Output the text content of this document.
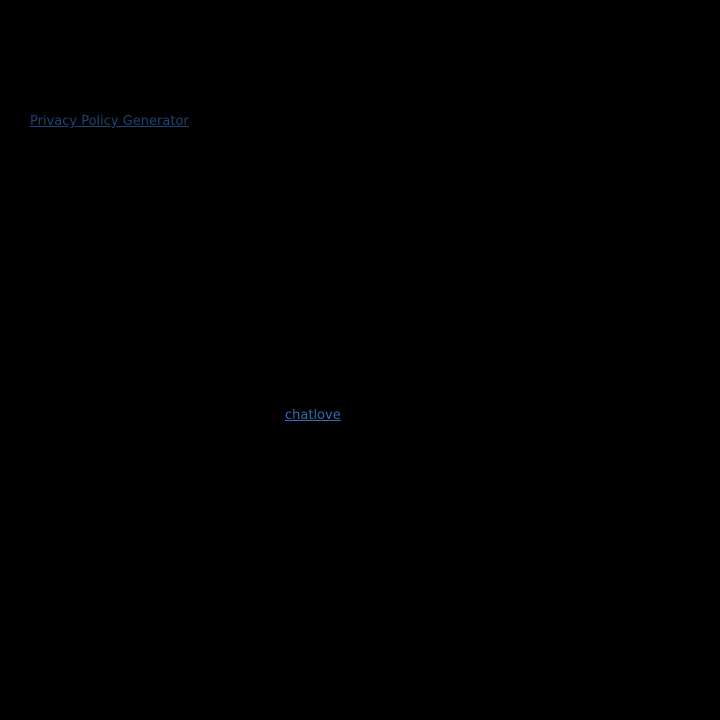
Privacy Policy Generator
chatlove
